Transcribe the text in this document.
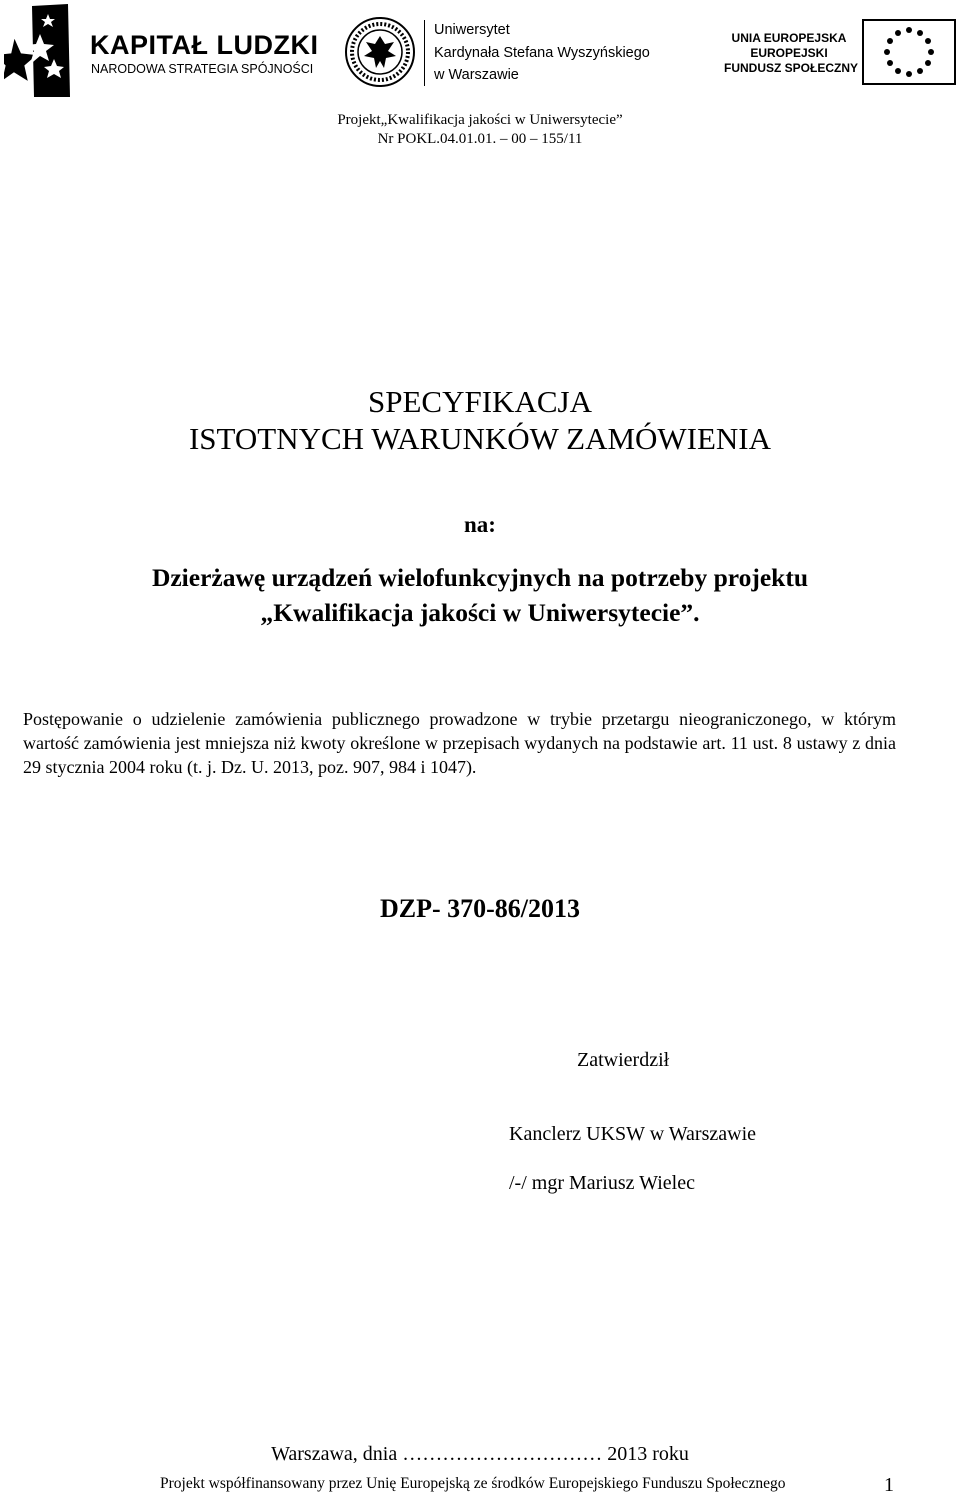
KAPITAŁ LUDZKI
NARODOWA STRATEGIA SPÓJNOŚCI
Uniwersytet
Kardynała Stefana Wyszyńskiego
w Warszawie
UNIA EUROPEJSKA
EUROPEJSKI
FUNDUSZ SPOŁECZNY
Projekt„Kwalifikacja jakości w Uniwersytecie”
Nr POKL.04.01.01. – 00 – 155/11
SPECYFIKACJA
ISTOTNYCH WARUNKÓW ZAMÓWIENIA
na:
Dzierżawę urządzeń wielofunkcyjnych na potrzeby projektu
„Kwalifikacja jakości w Uniwersytecie”.
Postępowanie o udzielenie zamówienia publicznego prowadzone w trybie przetargu nieograniczonego, w którym wartość zamówienia jest mniejsza niż kwoty określone w przepisach wydanych na podstawie art. 11 ust. 8 ustawy z dnia 29 stycznia 2004 roku (t. j. Dz. U. 2013, poz. 907, 984 i 1047).
DZP- 370-86/2013
Zatwierdził
Kanclerz UKSW w Warszawie
/-/ mgr Mariusz Wielec
Warszawa, dnia ………………………… 2013 roku
Projekt współfinansowany przez Unię Europejską ze środków Europejskiego Funduszu Społecznego	1
